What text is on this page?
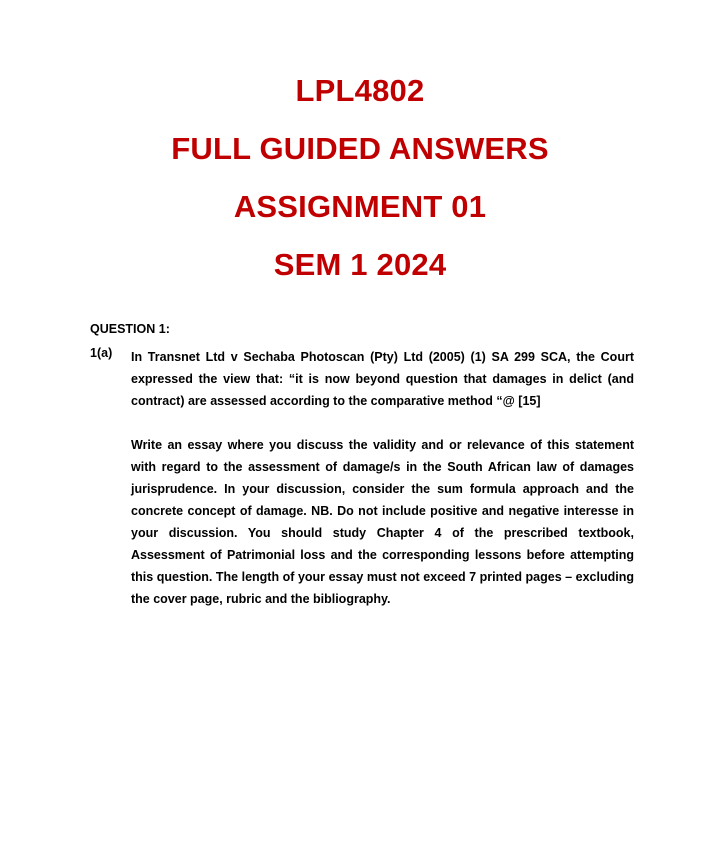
LPL4802
FULL GUIDED ANSWERS
ASSIGNMENT 01
SEM 1 2024
QUESTION 1:
1(a) In Transnet Ltd v Sechaba Photoscan (Pty) Ltd (2005) (1) SA 299 SCA, the Court expressed the view that: “it is now beyond question that damages in delict (and contract) are assessed according to the comparative method “@ [15]

Write an essay where you discuss the validity and or relevance of this statement with regard to the assessment of damage/s in the South African law of damages jurisprudence. In your discussion, consider the sum formula approach and the concrete concept of damage. NB. Do not include positive and negative interesse in your discussion. You should study Chapter 4 of the prescribed textbook, Assessment of Patrimonial loss and the corresponding lessons before attempting this question. The length of your essay must not exceed 7 printed pages – excluding the cover page, rubric and the bibliography.
